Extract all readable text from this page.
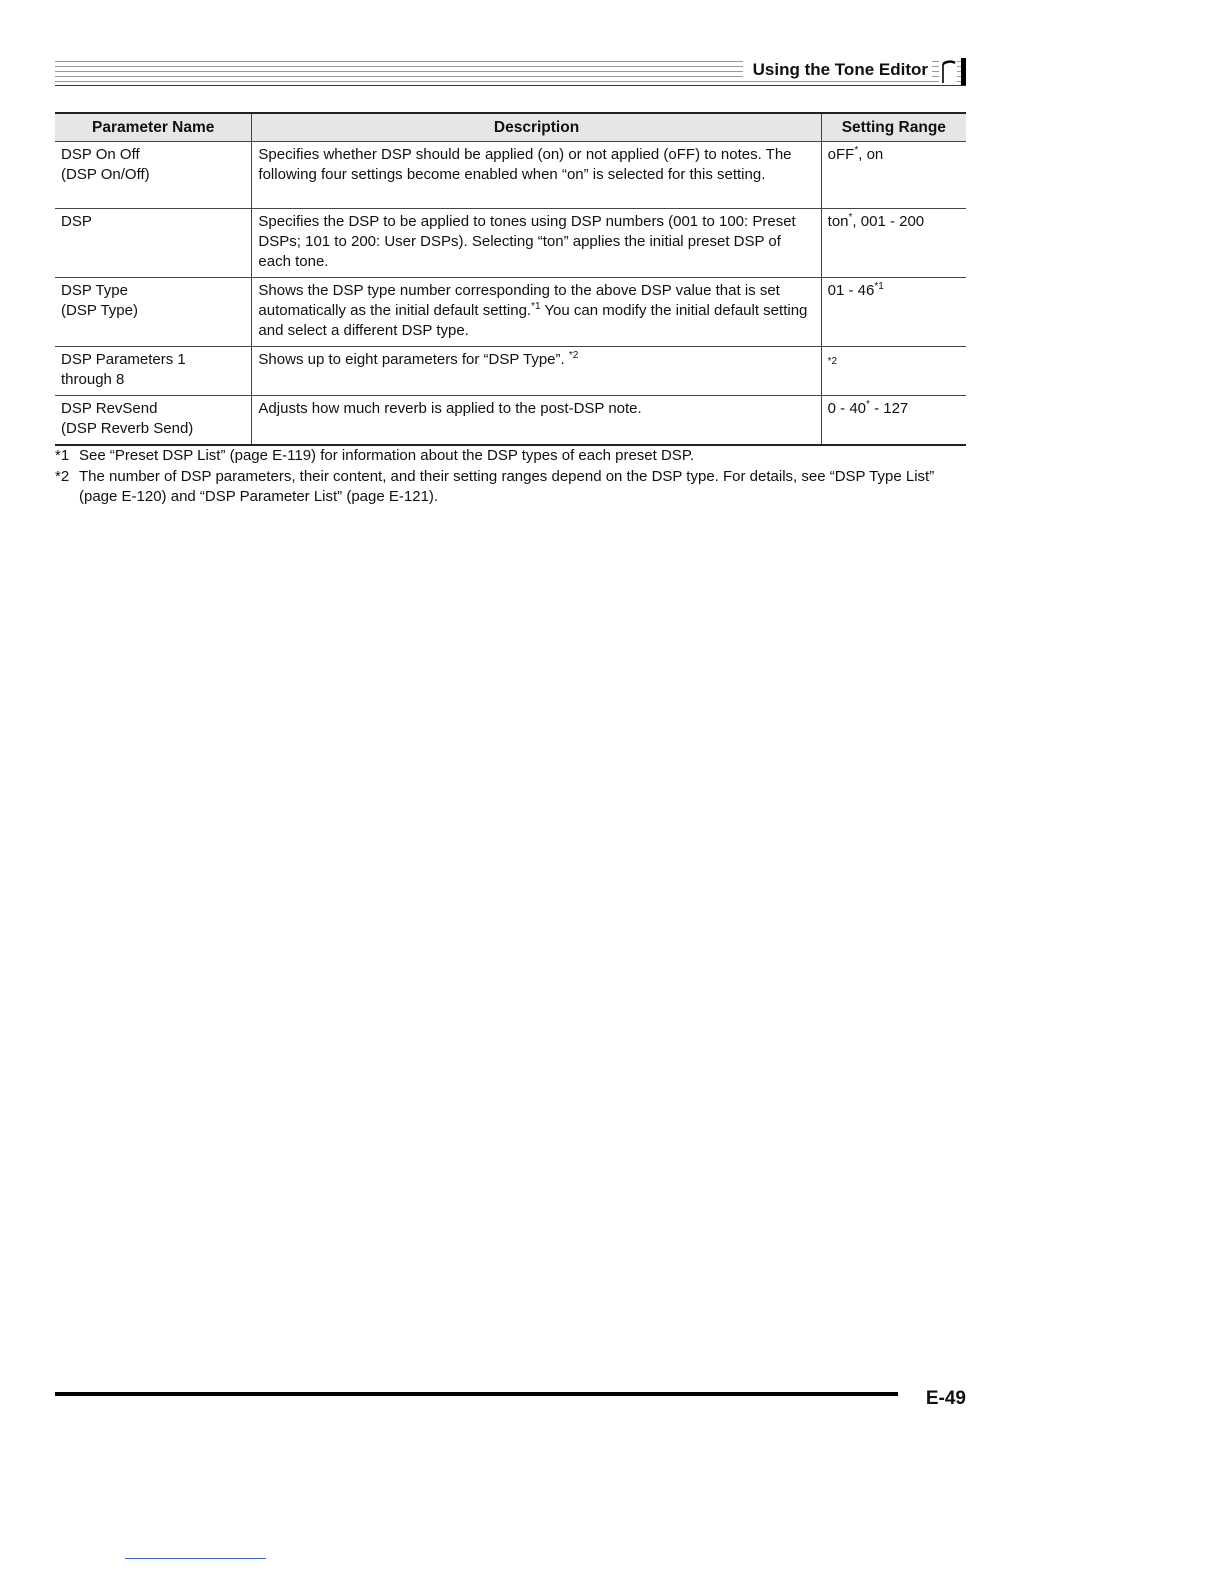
Using the Tone Editor
Parameter Name	Description	Setting Range

DSP On Off
(DSP On/Off)	Specifies whether DSP should be applied (on) or not applied (oFF) to notes. The following four settings become enabled when “on” is selected for this setting.	oFF*, on

DSP	Specifies the DSP to be applied to tones using DSP numbers (001 to 100: Preset DSPs; 101 to 200: User DSPs). Selecting “ton” applies the initial preset DSP of each tone.	ton*, 001 - 200

DSP Type
(DSP Type)	Shows the DSP type number corresponding to the above DSP value that is set automatically as the initial default setting.$^{*1}$ You can modify the initial default setting and select a different DSP type.	01 - 46$^{*1}$

DSP Parameters 1
through 8	Shows up to eight parameters for “DSP Type”. $^{*2}$	*2

DSP RevSend
(DSP Reverb Send)	Adjusts how much reverb is applied to the post-DSP note.	0 - 40* - 127
*1 See “Preset DSP List” (page E-119) for information about the DSP types of each preset DSP.
*2 The number of DSP parameters, their content, and their setting ranges depend on the DSP type. For details, see “DSP Type List” (page E-120) and “DSP Parameter List” (page E-121).
E-49
